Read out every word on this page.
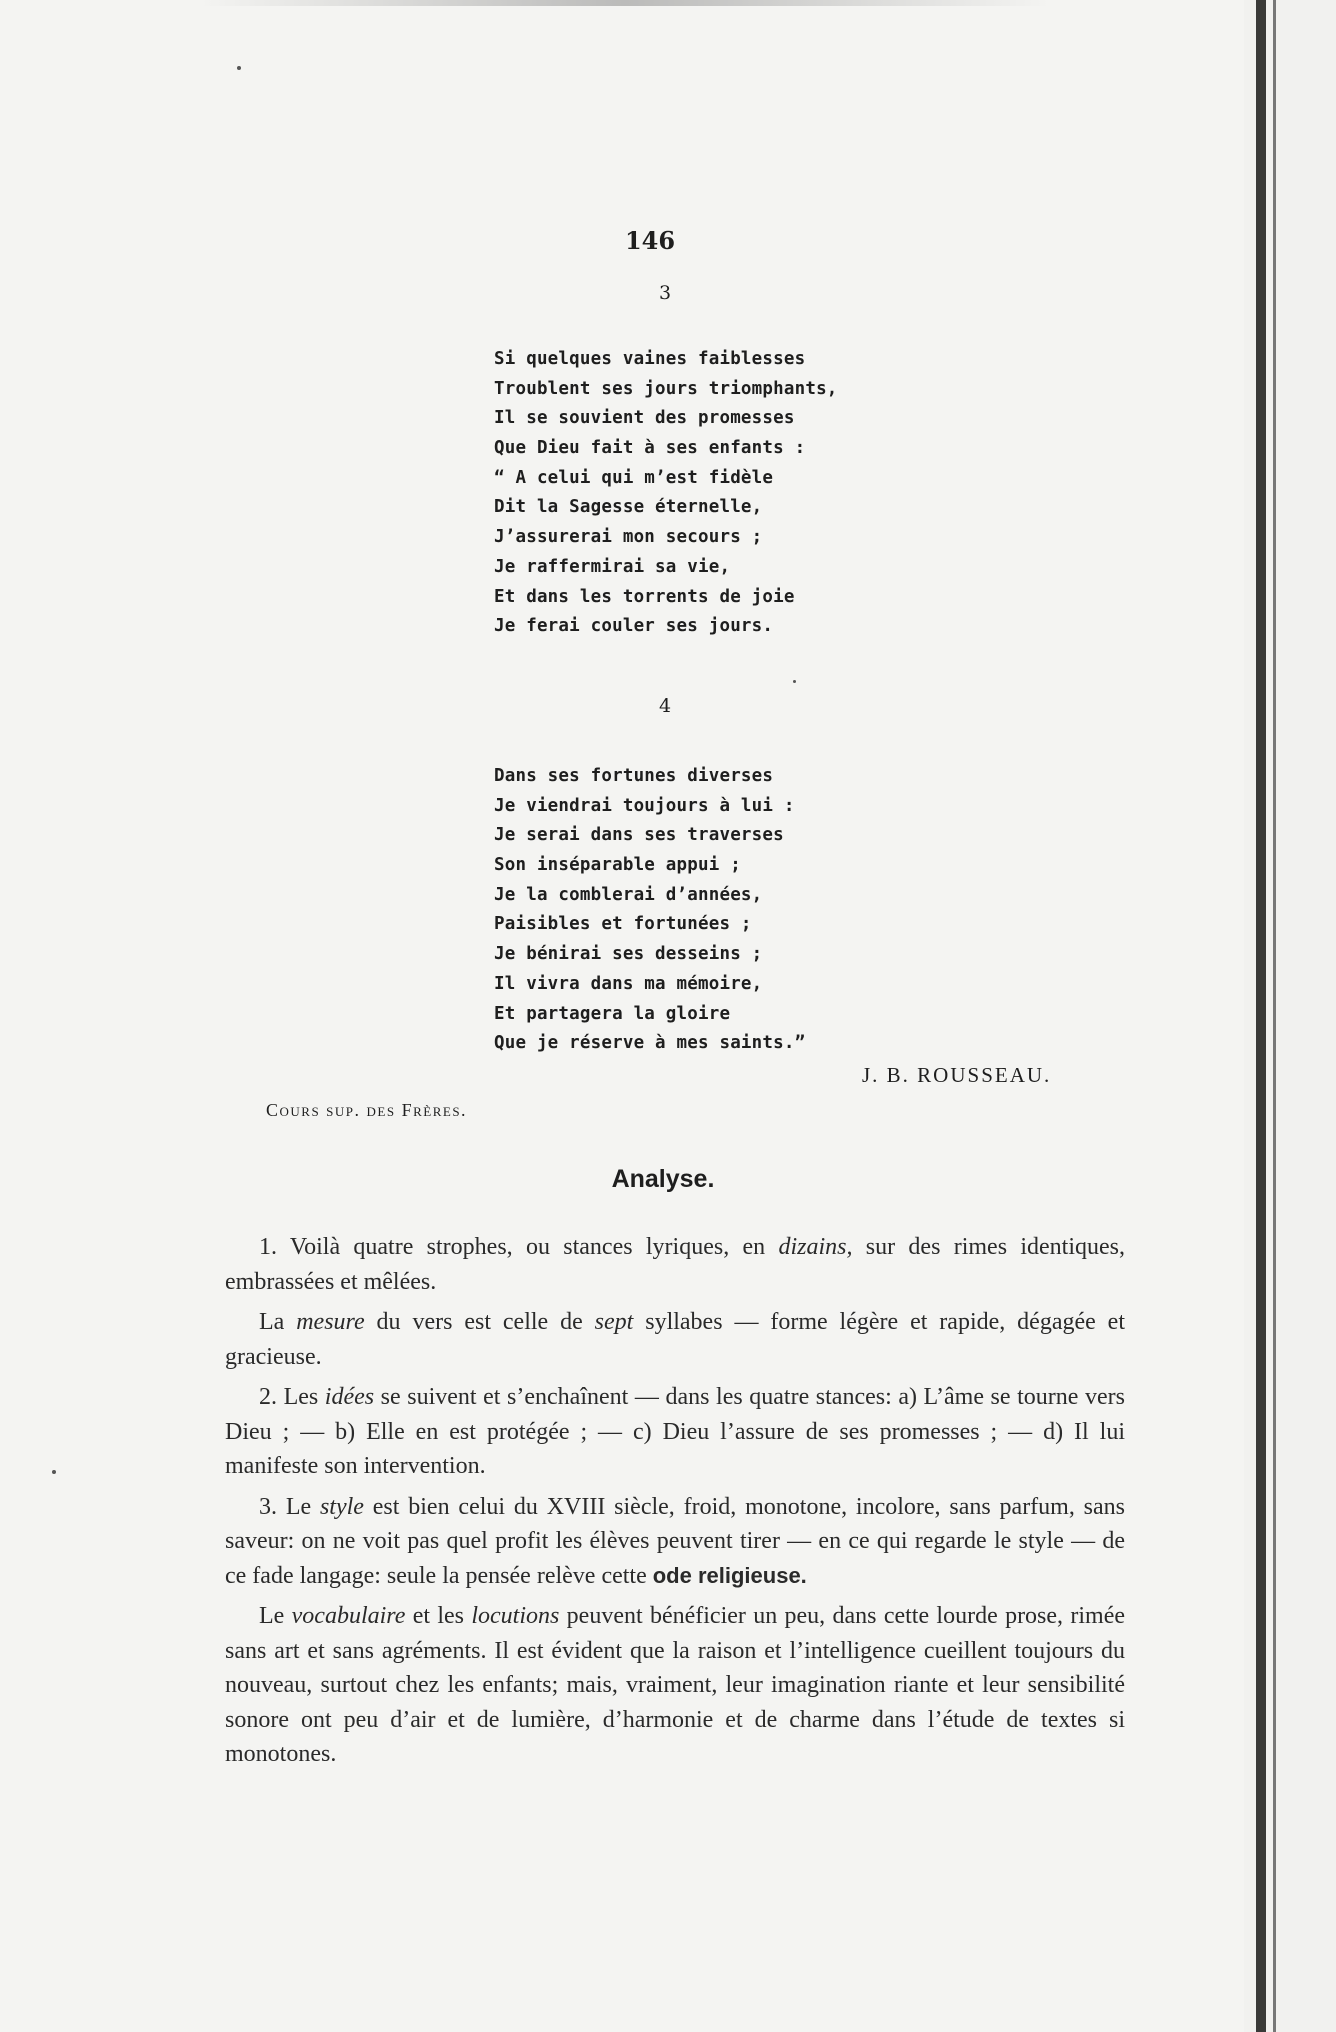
146
3
Si quelques vaines faiblesses
Troublent ses jours triomphants,
Il se souvient des promesses
Que Dieu fait à ses enfants :
“ A celui qui m’est fidèle
Dit la Sagesse éternelle,
J’assurerai mon secours ;
Je raffermirai sa vie,
Et dans les torrents de joie
Je ferai couler ses jours.
4
Dans ses fortunes diverses
Je viendrai toujours à lui :
Je serai dans ses traverses
Son inséparable appui ;
Je la comblerai d’années,
Paisibles et fortunées ;
Je bénirai ses desseins ;
Il vivra dans ma mémoire,
Et partagera la gloire
Que je réserve à mes saints.”
J. B. ROUSSEAU.
Cours sup. des Frères.
Analyse.

1. Voilà quatre strophes, ou stances lyriques, en dizains, sur des rimes identiques, embrassées et mêlées.

La mesure du vers est celle de sept syllabes — forme légère et rapide, dégagée et gracieuse.

2. Les idées se suivent et s’enchaînent — dans les quatre stances: a) L’âme se tourne vers Dieu ; — b) Elle en est protégée ; — c) Dieu l’assure de ses promesses ; — d) Il lui manifeste son intervention.

3. Le style est bien celui du XVIII siècle, froid, monotone, incolore, sans parfum, sans saveur: on ne voit pas quel profit les élèves peuvent tirer — en ce qui regarde le style — de ce fade langage: seule la pensée relève cette ode religieuse.

Le vocabulaire et les locutions peuvent bénéficier un peu, dans cette lourde prose, rimée sans art et sans agréments. Il est évident que la raison et l’intelligence cueillent toujours du nouveau, surtout chez les enfants; mais, vraiment, leur imagination riante et leur sensibilité sonore ont peu d’air et de lumière, d’harmonie et de charme dans l’étude de textes si monotones.
